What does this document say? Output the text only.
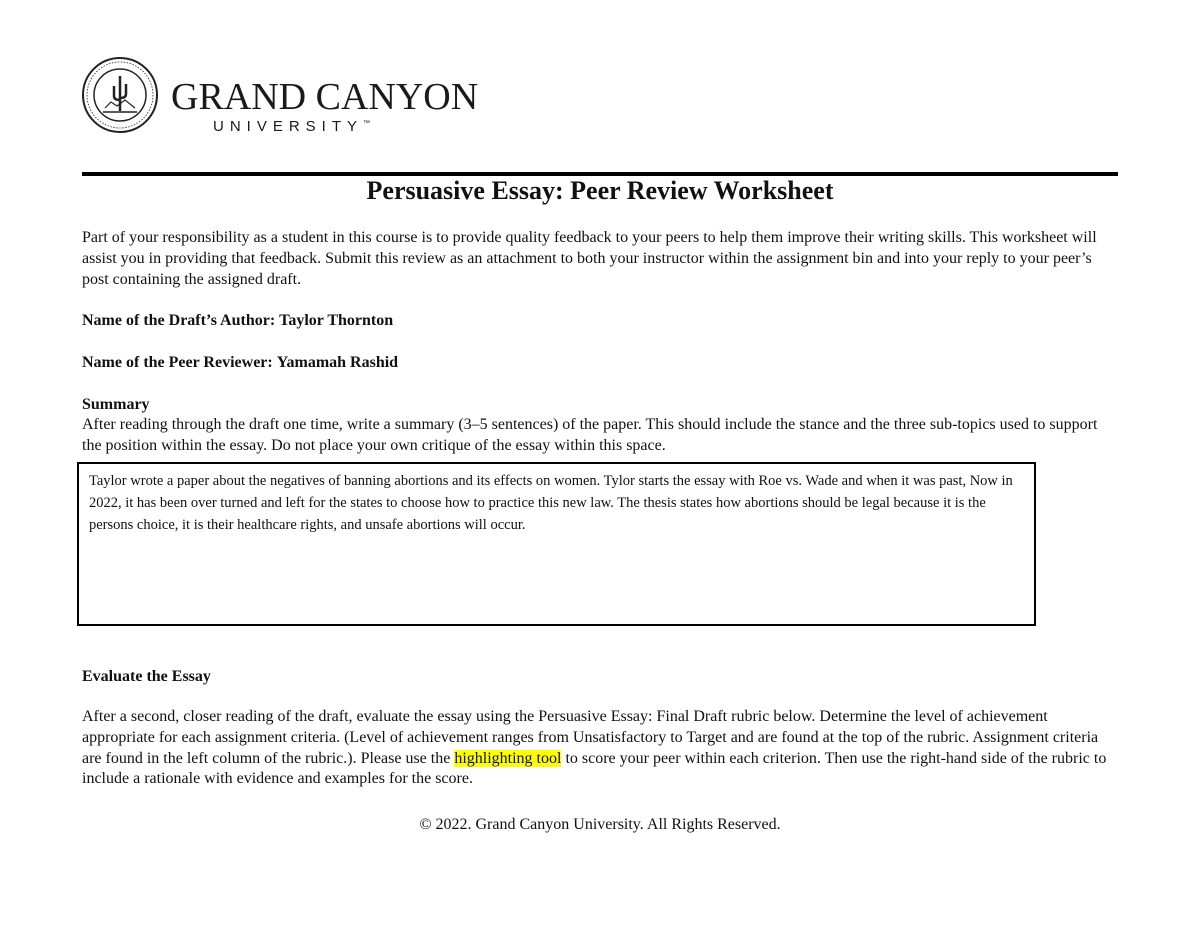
GRAND CANYON
UNIVERSITY™
Persuasive Essay: Peer Review Worksheet

Part of your responsibility as a student in this course is to provide quality feedback to your peers to help them improve their writing skills. This worksheet will assist you in providing that feedback. Submit this review as an attachment to both your instructor within the assignment bin and into your reply to your peer’s post containing the assigned draft.

Name of the Draft’s Author: Taylor Thornton

Name of the Peer Reviewer: Yamamah Rashid

Summary

After reading through the draft one time, write a summary (3–5 sentences) of the paper. This should include the stance and the three sub-topics used to support the position within the essay. Do not place your own critique of the essay within this space.

Taylor wrote a paper about the negatives of banning abortions and its effects on women. Tylor starts the essay with Roe vs. Wade and when it was past, Now in 2022, it has been over turned and left for the states to choose how to practice this new law. The thesis states how abortions should be legal because it is the persons choice, it is their healthcare rights, and unsafe abortions will occur.

Evaluate the Essay

After a second, closer reading of the draft, evaluate the essay using the Persuasive Essay: Final Draft rubric below. Determine the level of achievement appropriate for each assignment criteria. (Level of achievement ranges from Unsatisfactory to Target and are found at the top of the rubric. Assignment criteria are found in the left column of the rubric.). Please use the highlighting tool to score your peer within each criterion. Then use the right-hand side of the rubric to include a rationale with evidence and examples for the score.

© 2022. Grand Canyon University. All Rights Reserved.
